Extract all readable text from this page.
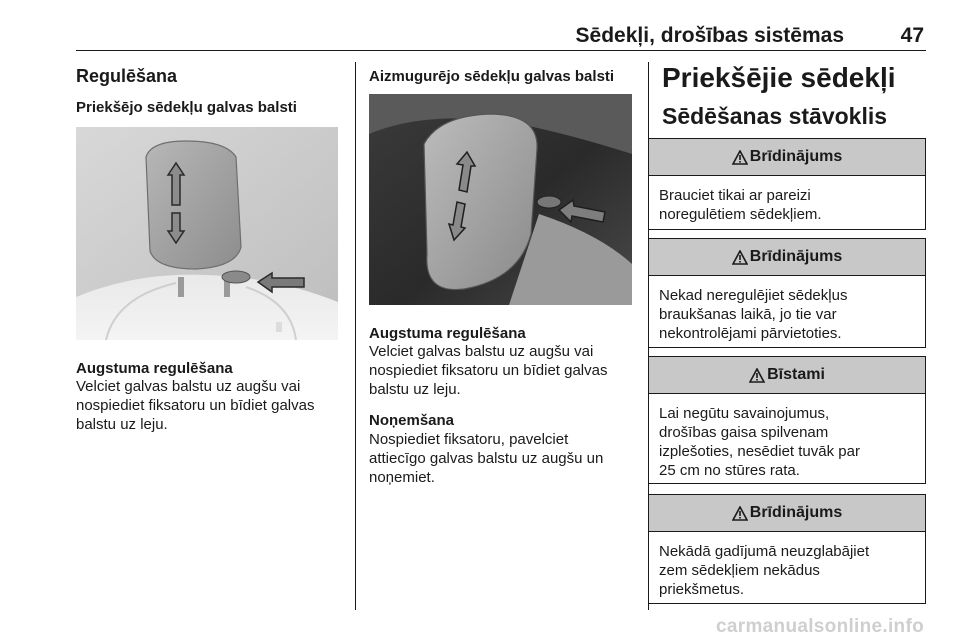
Sēdekļi, drošības sistēmas	47
Regulēšana
Priekšējo sēdekļu galvas balsti
Augstuma regulēšana
Velciet galvas balstu uz augšu vai
nospiediet fiksatoru un bīdiet galvas
balstu uz leju.
Aizmugurējo sēdekļu galvas balsti
Augstuma regulēšana
Velciet galvas balstu uz augšu vai
nospiediet fiksatoru un bīdiet galvas
balstu uz leju.
Noņemšana
Nospiediet fiksatoru, pavelciet
attiecīgo galvas balstu uz augšu un
noņemiet.
Priekšējie sēdekļi
Sēdēšanas stāvoklis
Brīdinājums
Brauciet tikai ar pareizi
noregulētiem sēdekļiem.
Brīdinājums
Nekad neregulējiet sēdekļus
braukšanas laikā, jo tie var
nekontrolējami pārvietoties.
Bīstami
Lai negūtu savainojumus,
drošības gaisa spilvenam
izplešoties, nesēdiet tuvāk par
25 cm no stūres rata.
Brīdinājums
Nekādā gadījumā neuzglabājiet
zem sēdekļiem nekādus
priekšmetus.
carmanualsonline.info
